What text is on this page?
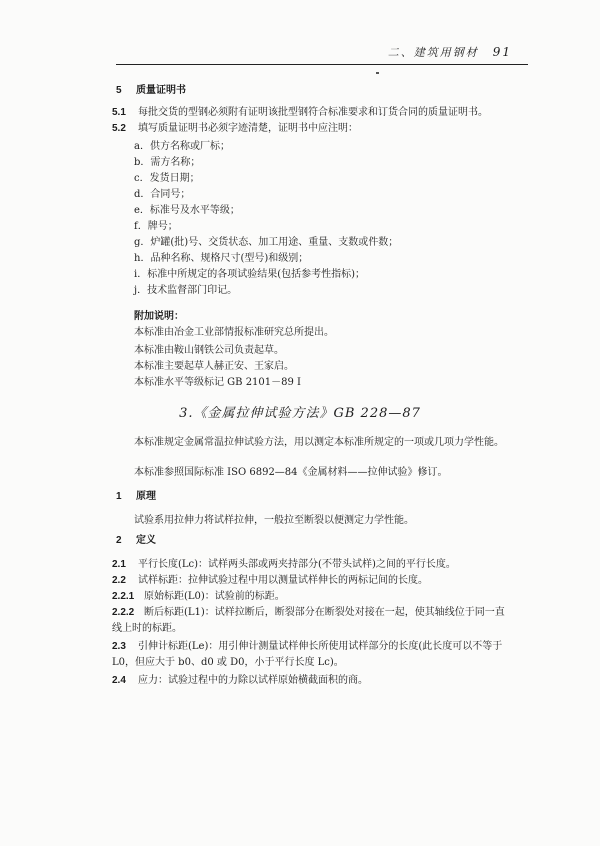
二、建筑用钢材 91
5 质量证明书
5.1 每批交货的型钢必须附有证明该批型钢符合标准要求和订货合同的质量证明书。
5.2 填写质量证明书必须字迹清楚，证明书中应注明：
a．供方名称或厂标；
b．需方名称；
c．发货日期；
d．合同号；
e．标准号及水平等级；
f．牌号；
g．炉罐(批)号、交货状态、加工用途、重量、支数或件数；
h．品种名称、规格尺寸(型号)和级别；
i．标准中所规定的各项试验结果(包括参考性指标)；
j．技术监督部门印记。
附加说明：
本标准由冶金工业部情报标准研究总所提出。
本标准由鞍山钢铁公司负责起草。
本标准主要起草人赫正安、王家启。
本标准水平等级标记 GB 2101－89 I
3.《金属拉伸试验方法》GB 228—87
本标准规定金属常温拉伸试验方法，用以测定本标准所规定的一项或几项力学性能。
本标准参照国际标准 ISO 6892—84《金属材料——拉伸试验》修订。
1 原理
试验系用拉伸力将试样拉伸，一般拉至断裂以便测定力学性能。
2 定义
2.1 平行长度(Lc)：试样两头部或两夹持部分(不带头试样)之间的平行长度。
2.2 试样标距：拉伸试验过程中用以测量试样伸长的两标记间的长度。
2.2.1 原始标距(L0)：试验前的标距。
2.2.2 断后标距(L1)：试样拉断后，断裂部分在断裂处对接在一起，使其轴线位于同一直
线上时的标距。
2.3 引伸计标距(Le)：用引伸计测量试样伸长所使用试样部分的长度(此长度可以不等于
L0，但应大于 b0、d0 或 D0，小于平行长度 Lc)。
2.4 应力：试验过程中的力除以试样原始横截面积的商。
